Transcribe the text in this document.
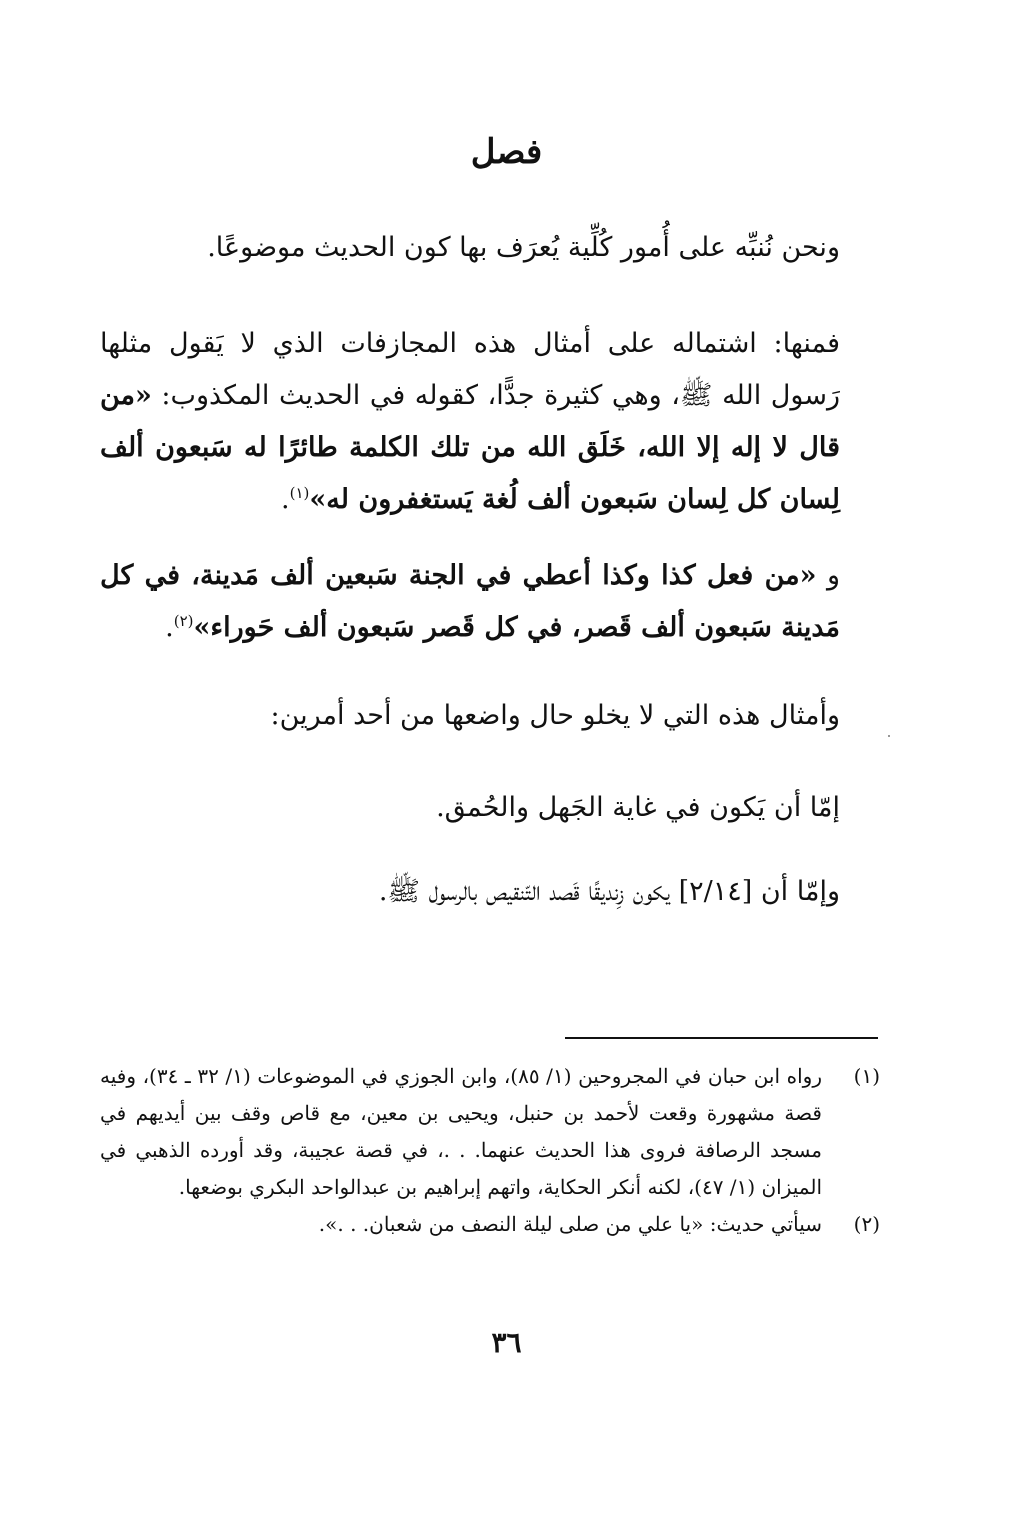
فصل
ونحن نُنبِّه على أُمور كُلِّية يُعرَف بها كون الحديث موضوعًا.
فمنها: اشتماله على أمثال هذه المجازفات الذي لا يَقول مثلها رَسول الله ﷺ، وهي كثيرة جدًّا، كقوله في الحديث المكذوب: «من قال لا إله إلا الله، خَلَق الله من تلك الكلمة طائرًا له سَبعون ألف لِسان كل لِسان سَبعون ألف لُغة يَستغفرون له»$^{(١)}$.
و «من فعل كذا وكذا أعطي في الجنة سَبعين ألف مَدينة، في كل مَدينة سَبعون ألف قَصر، في كل قَصر سَبعون ألف حَوراء»$^{(٢)}$.
وأمثال هذه التي لا يخلو حال واضعها من أحد أمرين:
إمّا أن يَكون في غاية الجَهل والحُمق.
وإمّا أن [٢/١٤] يكون زِنديقًا قَصد التّنقيص بالرسول ﷺ.
(١)
رواه ابن حبان في المجروحين (١/ ٨٥)، وابن الجوزي في الموضوعات (١/ ٣٢ ـ ٣٤)، وفيه قصة مشهورة وقعت لأحمد بن حنبل، ويحيى بن معين، مع قاص وقف بين أيديهم في مسجد الرصافة فروى هذا الحديث عنهما. . .، في قصة عجيبة، وقد أورده الذهبي في الميزان (١/ ٤٧)، لكنه أنكر الحكاية، واتهم إبراهيم بن عبدالواحد البكري بوضعها.
(٢)
سيأتي حديث: «يا علي من صلى ليلة النصف من شعبان. . .».
٣٦
